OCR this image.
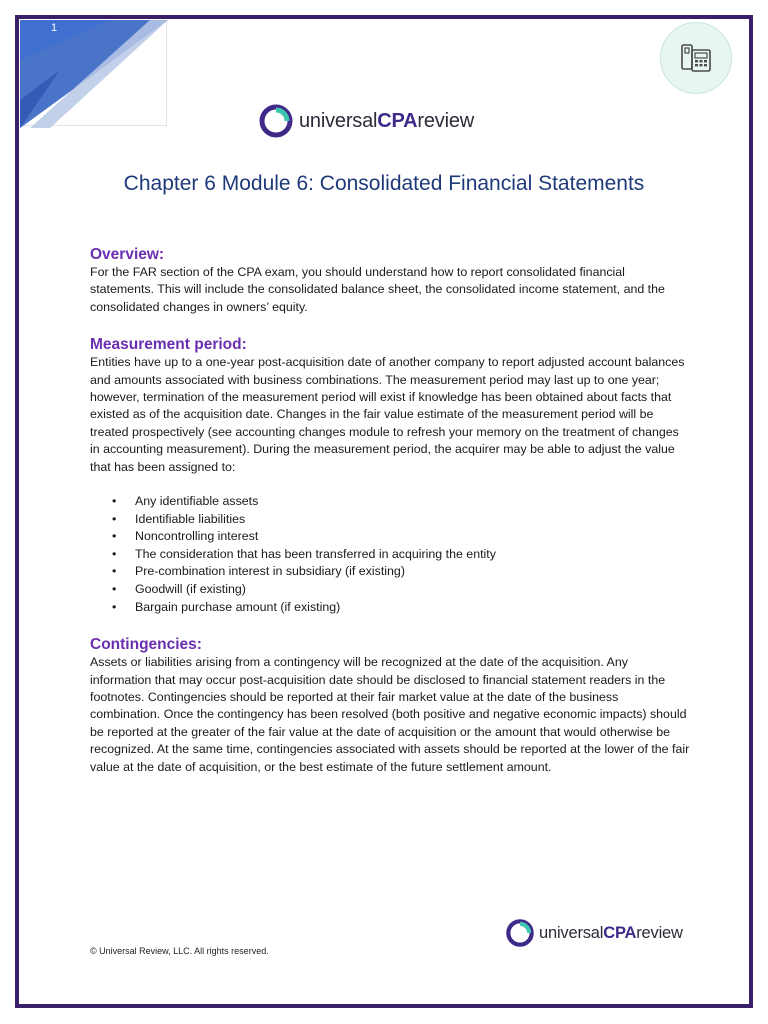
1
universalCPAreview
Chapter 6 Module 6: Consolidated Financial Statements
Overview:

For the FAR section of the CPA exam, you should understand how to report consolidated financial statements. This will include the consolidated balance sheet, the consolidated income statement, and the consolidated changes in owners’ equity.

Measurement period:

Entities have up to a one-year post-acquisition date of another company to report adjusted account balances and amounts associated with business combinations. The measurement period may last up to one year; however, termination of the measurement period will exist if knowledge has been obtained about facts that existed as of the acquisition date. Changes in the fair value estimate of the measurement period will be treated prospectively (see accounting changes module to refresh your memory on the treatment of changes in accounting measurement). During the measurement period, the acquirer may be able to adjust the value that has been assigned to:

• Any identifiable assets
• Identifiable liabilities
• Noncontrolling interest
• The consideration that has been transferred in acquiring the entity
• Pre-combination interest in subsidiary (if existing)
• Goodwill (if existing)
• Bargain purchase amount (if existing)
Contingencies:

Assets or liabilities arising from a contingency will be recognized at the date of the acquisition. Any information that may occur post-acquisition date should be disclosed to financial statement readers in the footnotes. Contingencies should be reported at their fair market value at the date of the business combination. Once the contingency has been resolved (both positive and negative economic impacts) should be reported at the greater of the fair value at the date of acquisition or the amount that would otherwise be recognized. At the same time, contingencies associated with assets should be reported at the lower of the fair value at the date of acquisition, or the best estimate of the future settlement amount.

universalCPAreview
© Universal Review, LLC. All rights reserved.
